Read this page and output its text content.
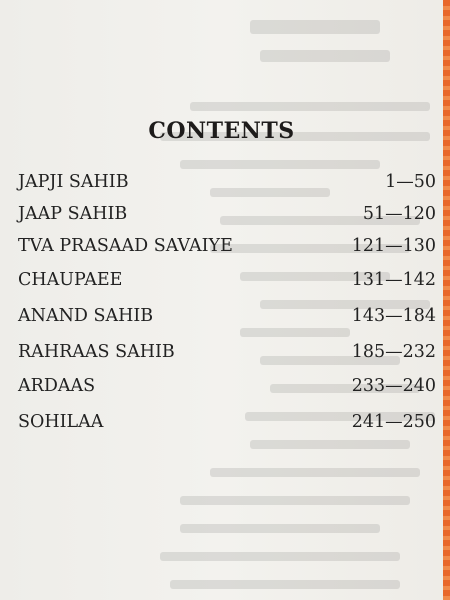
CONTENTS
JAPJI SAHIB	1—50
JAAP SAHIB	51—120
TVA PRASAAD SAVAIYE	121—130
CHAUPAEE	131—142
ANAND SAHIB	143—184
RAHRAAS SAHIB	185—232
ARDAAS	233—240
SOHILAA	241—250
